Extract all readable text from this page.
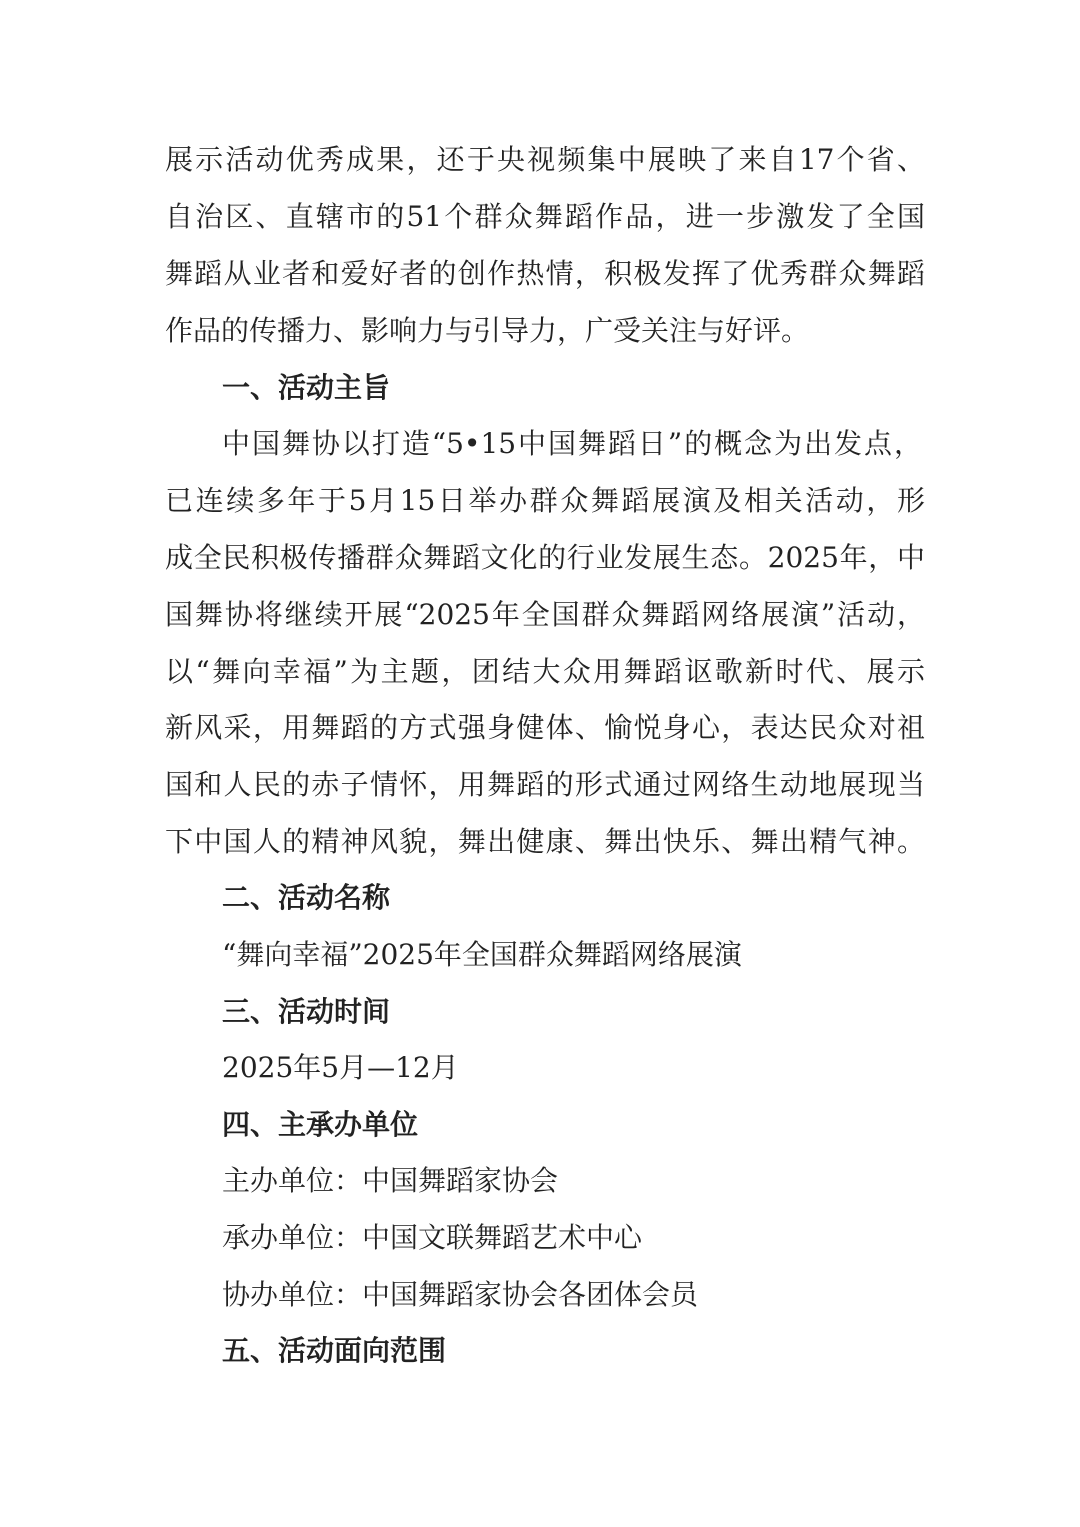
展示活动优秀成果，还于央视频集中展映了来自17个省、
自治区、直辖市的51个群众舞蹈作品，进一步激发了全国
舞蹈从业者和爱好者的创作热情，积极发挥了优秀群众舞蹈
作品的传播力、影响力与引导力，广受关注与好评。
一、活动主旨
中国舞协以打造“5•15中国舞蹈日”的概念为出发点，
已连续多年于5月15日举办群众舞蹈展演及相关活动，形
成全民积极传播群众舞蹈文化的行业发展生态。2025年，中
国舞协将继续开展“2025年全国群众舞蹈网络展演”活动，
以“舞向幸福”为主题，团结大众用舞蹈讴歌新时代、展示
新风采，用舞蹈的方式强身健体、愉悦身心，表达民众对祖
国和人民的赤子情怀，用舞蹈的形式通过网络生动地展现当
下中国人的精神风貌，舞出健康、舞出快乐、舞出精气神。
二、活动名称
“舞向幸福”2025年全国群众舞蹈网络展演
三、活动时间
2025年5月—12月
四、主承办单位
主办单位：中国舞蹈家协会
承办单位：中国文联舞蹈艺术中心
协办单位：中国舞蹈家协会各团体会员
五、活动面向范围
